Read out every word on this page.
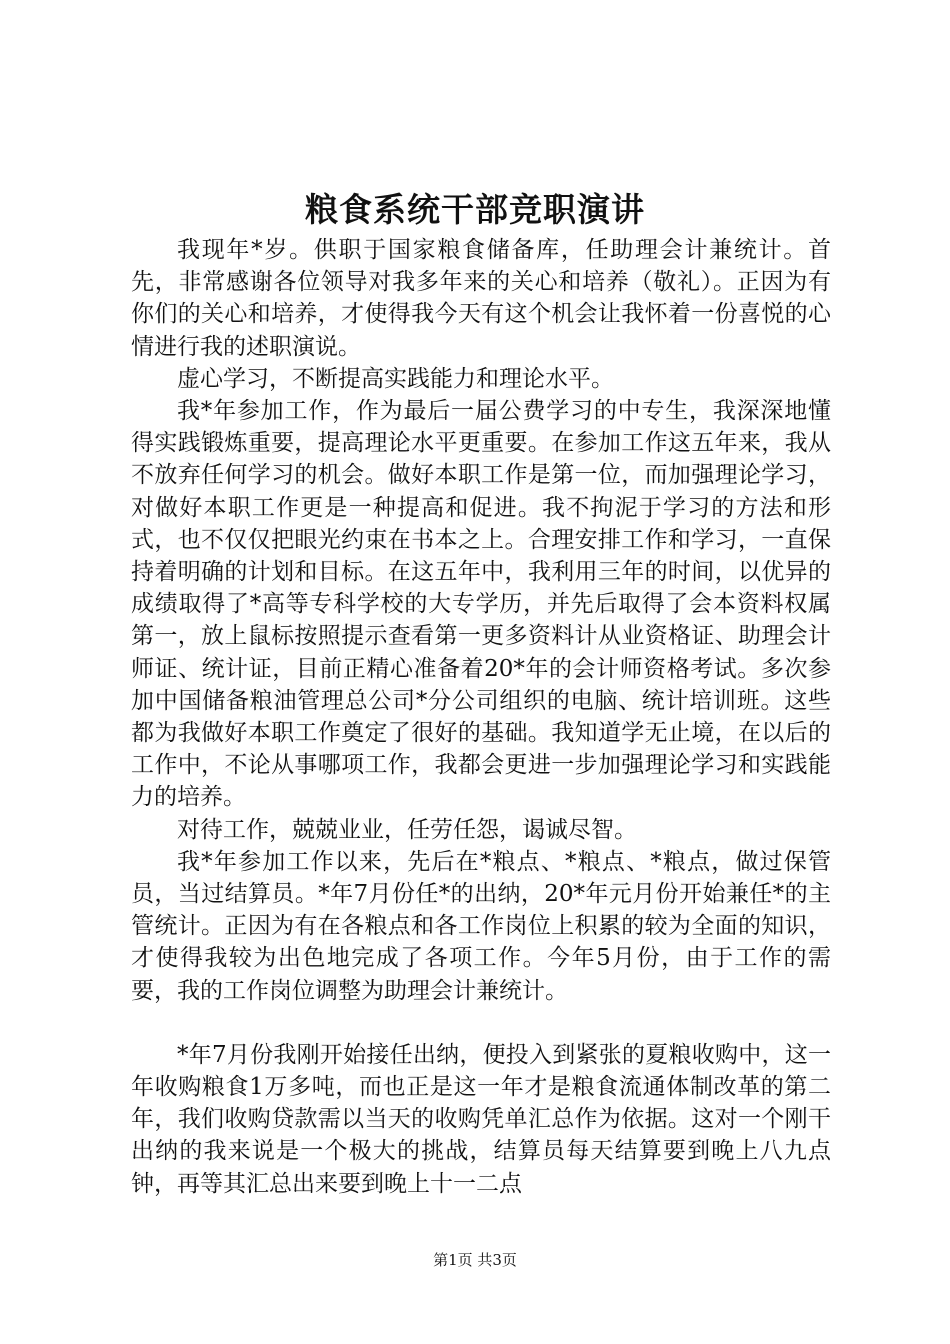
粮食系统干部竞职演讲

我现年*岁。供职于国家粮食储备库，任助理会计兼统计。首先，非常感谢各位领导对我多年来的关心和培养（敬礼）。正因为有你们的关心和培养，才使得我今天有这个机会让我怀着一份喜悦的心情进行我的述职演说。

虚心学习，不断提高实践能力和理论水平。

我*年参加工作，作为最后一届公费学习的中专生，我深深地懂得实践锻炼重要，提高理论水平更重要。在参加工作这五年来，我从不放弃任何学习的机会。做好本职工作是第一位，而加强理论学习，对做好本职工作更是一种提高和促进。我不拘泥于学习的方法和形式，也不仅仅把眼光约束在书本之上。合理安排工作和学习，一直保持着明确的计划和目标。在这五年中，我利用三年的时间，以优异的成绩取得了*高等专科学校的大专学历，并先后取得了会本资料权属第一，放上鼠标按照提示查看第一更多资料计从业资格证、助理会计师证、统计证，目前正精心准备着20*年的会计师资格考试。多次参加中国储备粮油管理总公司*分公司组织的电脑、统计培训班。这些都为我做好本职工作奠定了很好的基础。我知道学无止境，在以后的工作中，不论从事哪项工作，我都会更进一步加强理论学习和实践能力的培养。

对待工作，兢兢业业，任劳任怨，谒诚尽智。

我*年参加工作以来，先后在*粮点、*粮点、*粮点，做过保管员，当过结算员。*年7月份任*的出纳，20*年元月份开始兼任*的主管统计。正因为有在各粮点和各工作岗位上积累的较为全面的知识，才使得我较为出色地完成了各项工作。今年5月份，由于工作的需要，我的工作岗位调整为助理会计兼统计。

*年7月份我刚开始接任出纳，便投入到紧张的夏粮收购中，这一年收购粮食1万多吨，而也正是这一年才是粮食流通体制改革的第二年，我们收购贷款需以当天的收购凭单汇总作为依据。这对一个刚干出纳的我来说是一个极大的挑战，结算员每天结算要到晚上八九点钟，再等其汇总出来要到晚上十一二点

第1页 共3页
